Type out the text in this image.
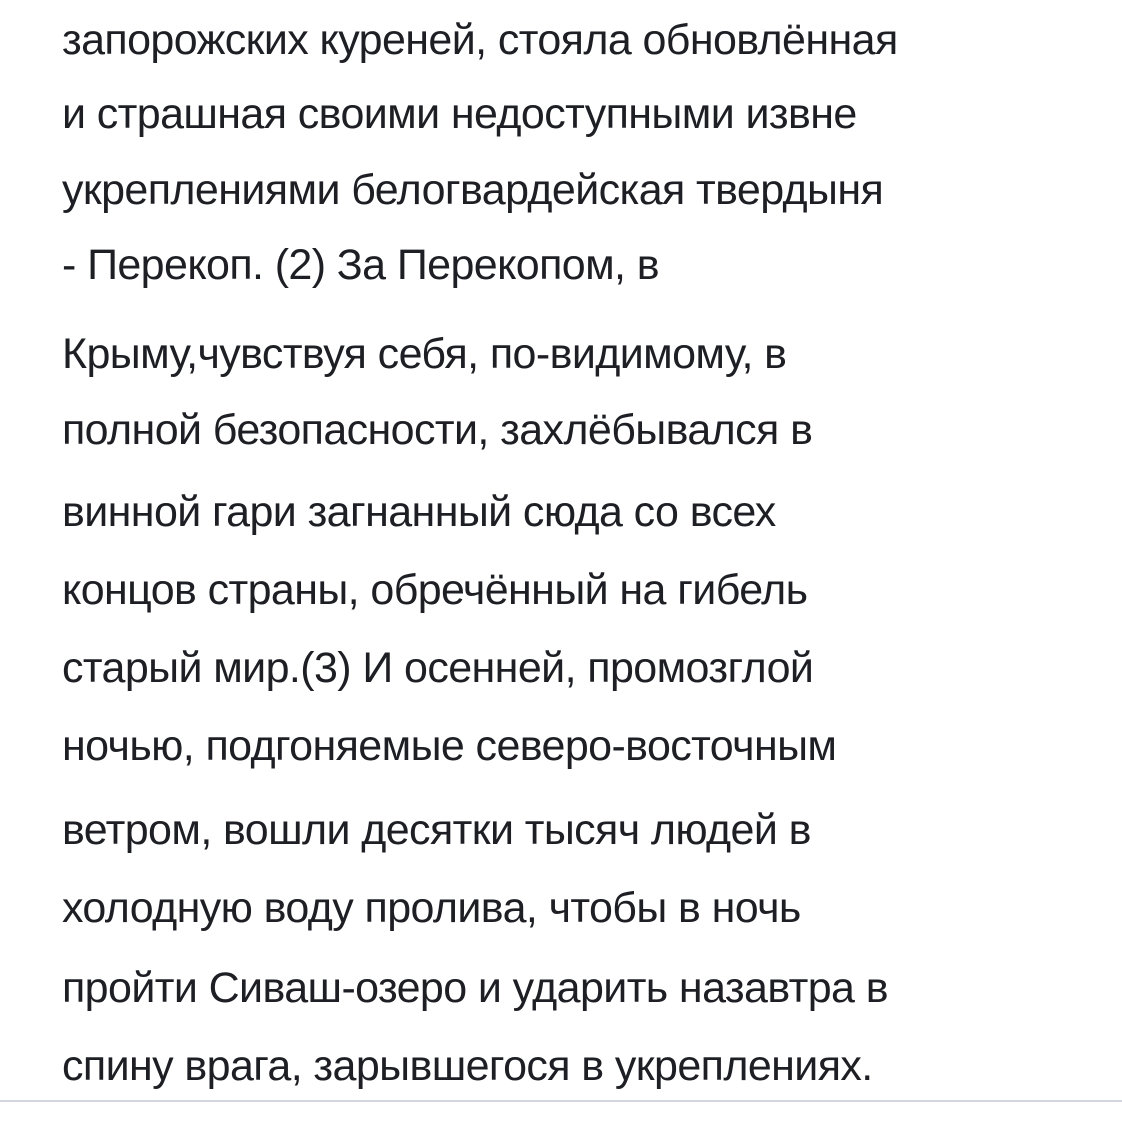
запорожских куреней, стояла обновлённая
и страшная своими недоступными извне
укреплениями белогвардейская твердыня
- Перекоп. (2) За Перекопом, в
Крыму,чувствуя себя, по-видимому, в
полной безопасности, захлёбывался в
винной гари загнанный сюда со всех
концов страны, обречённый на гибель
старый мир.(3) И осенней, промозглой
ночью, подгоняемые северо-восточным
ветром, вошли десятки тысяч людей в
холодную воду пролива, чтобы в ночь
пройти Сиваш-озеро и ударить назавтра в
спину врага, зарывшегося в укреплениях.
